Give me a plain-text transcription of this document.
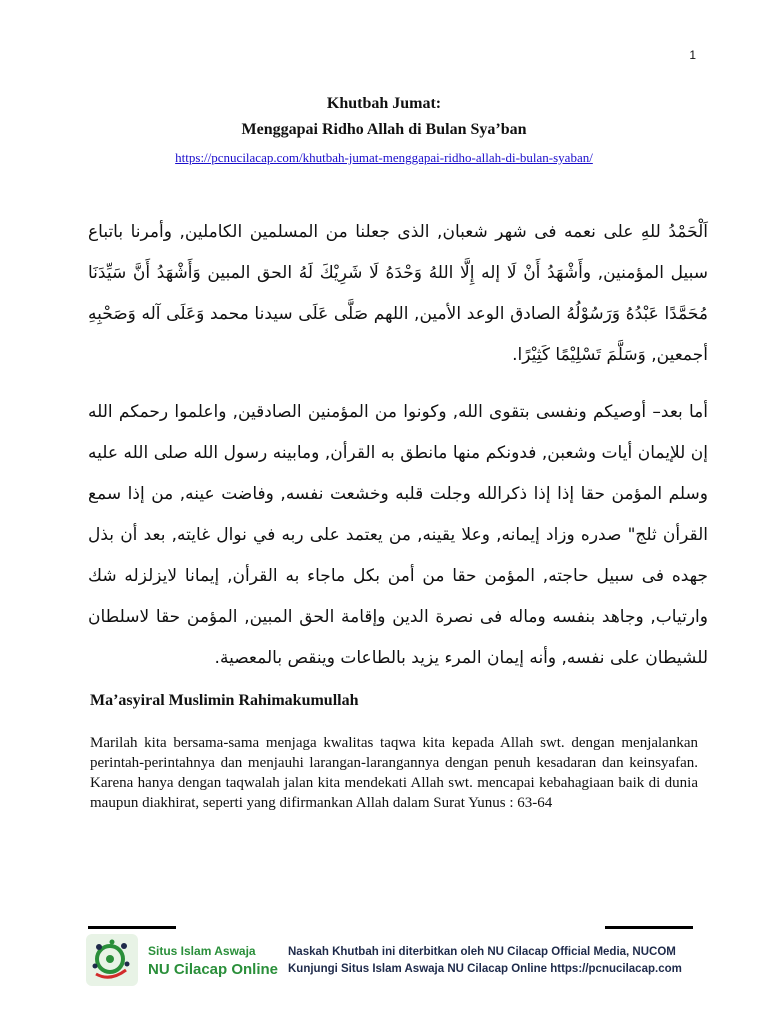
1
Khutbah Jumat:
Menggapai Ridho Allah di Bulan Sya’ban
https://pcnucilacap.com/khutbah-jumat-menggapai-ridho-allah-di-bulan-syaban/
اَلْحَمْدُ للهِ على نعمه فى شهر شعبان, الذى جعلنا من المسلمين الكاملين, وأمرنا باتباع سبيل المؤمنين, وأَشْهَدُ أَنْ لَا إله إِلَّا اللهُ وَحْدَهُ لَا شَرِيْكَ لَهُ الحق المبين وَأَشْهَدُ أَنَّ سَيِّدَنَا مُحَمَّدًا عَبْدُهُ وَرَسُوْلُهُ الصادق الوعد الأمين, اللهم صَلَّى عَلَى سيدنا محمد وَعَلَى آله وَصَحْبِهِ أجمعين, وَسَلَّمَ تَسْلِيْمًا كَثِيْرًا.
أما بعد– أوصيكم ونفسى بتقوى الله, وكونوا من المؤمنين الصادقين, واعلموا رحمكم الله إن للإيمان أيات وشعبن, فدونكم منها مانطق به القرأن, ومابينه رسول الله صلى الله عليه وسلم المؤمن حقا إذا إذا ذكرالله وجلت قلبه وخشعت نفسه, وفاضت عينه, من إذا سمع القرأن ثلج" صدره وزاد إيمانه, وعلا يقينه, من يعتمد على ربه في نوال غايته, بعد أن بذل جهده فى سبيل حاجته, المؤمن حقا من أمن بكل ماجاء به القرأن, إيمانا لايزلزله شك وارتياب, وجاهد بنفسه وماله فى نصرة الدين وإقامة الحق المبين, المؤمن حقا لاسلطان للشيطان على نفسه, وأنه إيمان المرء يزيد بالطاعات وينقص بالمعصية.
Ma’asyiral Muslimin Rahimakumullah
Marilah kita bersama-sama menjaga kwalitas taqwa kita kepada Allah swt. dengan menjalankan perintah-perintahnya dan menjauhi larangan-larangannya dengan penuh kesadaran dan keinsyafan. Karena hanya dengan taqwalah jalan kita mendekati Allah swt. mencapai kebahagiaan baik di dunia maupun diakhirat, seperti yang difirmankan Allah dalam Surat Yunus : 63-64
Situs Islam Aswaja
NU Cilacap Online
Naskah Khutbah ini diterbitkan oleh NU Cilacap Official Media, NUCOM
Kunjungi Situs Islam Aswaja NU Cilacap Online https://pcnucilacap.com
